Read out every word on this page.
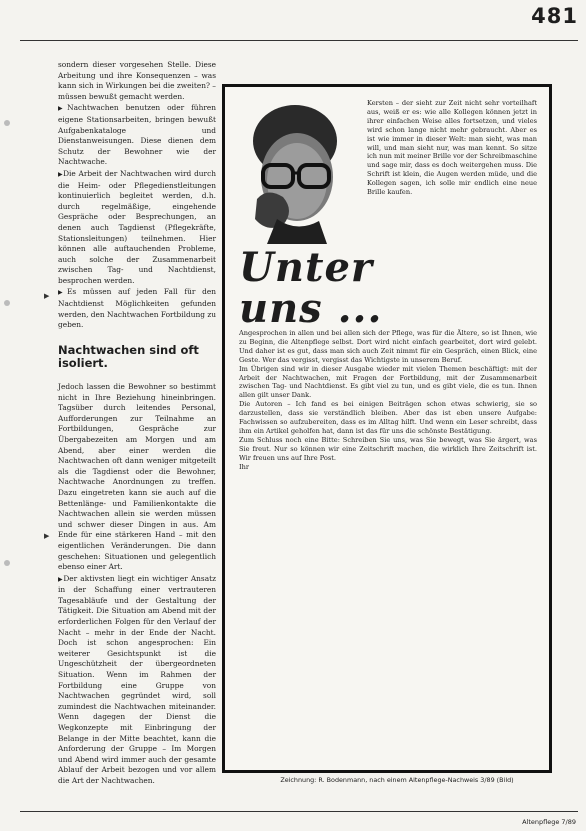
481
▶
▶

sondern dieser vorgesehen Stelle. Diese Arbeitung und ihre Konsequenzen – was kann sich in Wirkungen bei die zweiten? – müssen bewußt gemacht werden.

▶ Nachtwachen benutzen oder führen eigene Stationsarbeiten, bringen bewußt Aufgabenkataloge und Dienstanweisungen. Diese dienen dem Schutz der Bewohner wie der Nachtwache.

▶ Die Arbeit der Nachtwachen wird durch die Heim- oder Pflegedienstleitungen kontinuierlich begleitet werden, d.h. durch regelmäßige, eingehende Gespräche oder Besprechungen, an denen auch Tagdienst (Pflegekräfte, Stationsleitungen) teilnehmen. Hier können alle auftauchenden Probleme, auch solche der Zusammenarbeit zwischen Tag- und Nachtdienst, besprochen werden.

▶ Es müssen auf jeden Fall für den Nachtdienst Möglichkeiten gefunden werden, den Nachtwachen Fortbildung zu geben.

Nachtwachen sind oft
isoliert.

Jedoch lassen die Bewohner so bestimmt nicht in Ihre Beziehung hineinbringen. Tagsüber durch leitendes Personal, Aufforderungen zur Teilnahme an Fortbildungen, Gespräche zur Übergabezeiten am Morgen und am Abend, aber einer werden die Nachtwachen oft dann weniger mitgeteilt als die Tagdienst oder die Bewohner, Nachtwache Anordnungen zu treffen. Dazu eingetreten kann sie auch auf die Bettenlänge- und Familienkontakte die Nachtwachen allein sie werden müssen und schwer dieser Dingen in aus. Am Ende für eine stärkeren Hand – mit den eigentlichen Veränderungen. Die dann geschehen: Situationen und gelegentlich ebenso einer Art.

▶ Der aktivsten liegt ein wichtiger Ansatz in der Schaffung einer vertrauteren Tagesabläufe und der Gestaltung der Tätigkeit. Die Situation am Abend mit der erforderlichen Folgen für den Verlauf der Nacht – mehr in der Ende der Nacht. Doch ist schon angesprochen: Ein weiterer Gesichtspunkt ist die Ungeschützheit der übergeordneten Situation. Wenn im Rahmen der Fortbildung eine Gruppe von Nachtwachen gegründet wird, soll zumindest die Nachtwachen miteinander. Wenn dagegen der Dienst die Wegkonzepte mit Einbringung der Belange in der Mitte beachtet, kann die Anforderung der Gruppe – Im Morgen und Abend wird immer auch der gesamte Ablauf der Arbeit bezogen und vor allem die Art der Nachtwachen.

Unter
uns ...

Kersten – der sieht zur Zeit nicht sehr vorteilhaft aus, weiß er es: wie alle Kollegen können jetzt in ihrer einfachen Weise alles fortsetzen, und vieles wird schon lange nicht mehr gebraucht. Aber es ist wie immer in dieser Welt: man sieht, was man will, und man sieht nur, was man kennt. So sitze ich nun mit meiner Brille vor der Schreibmaschine und sage mir, dass es doch weitergehen muss. Die Schrift ist klein, die Augen werden müde, und die Kollegen sagen, ich solle mir endlich eine neue Brille kaufen.

Angesprochen in allen und bei allen sich der Pflege, was für die Ältere, so ist Ihnen, wie zu Beginn, die Altenpflege selbst. Dort wird nicht einfach gearbeitet, dort wird gelebt. Und daher ist es gut, dass man sich auch Zeit nimmt für ein Gespräch, einen Blick, eine Geste. Wer das vergisst, vergisst das Wichtigste in unserem Beruf.

Im Übrigen sind wir in dieser Ausgabe wieder mit vielen Themen beschäftigt: mit der Arbeit der Nachtwachen, mit Fragen der Fortbildung, mit der Zusammenarbeit zwischen Tag- und Nachtdienst. Es gibt viel zu tun, und es gibt viele, die es tun. Ihnen allen gilt unser Dank.

Die Autoren – Ich fand es bei einigen Beiträgen schon etwas schwierig, sie so darzustellen, dass sie verständlich bleiben. Aber das ist eben unsere Aufgabe: Fachwissen so aufzubereiten, dass es im Alltag hilft. Und wenn ein Leser schreibt, dass ihm ein Artikel geholfen hat, dann ist das für uns die schönste Bestätigung.

Zum Schluss noch eine Bitte: Schreiben Sie uns, was Sie bewegt, was Sie ärgert, was Sie freut. Nur so können wir eine Zeitschrift machen, die wirklich Ihre Zeitschrift ist. Wir freuen uns auf Ihre Post.

Ihr

Zeichnung: R. Bodenmann, nach einem Altenpflege-Nachweis 3/89 (Bild)
Altenpflege 7/89
